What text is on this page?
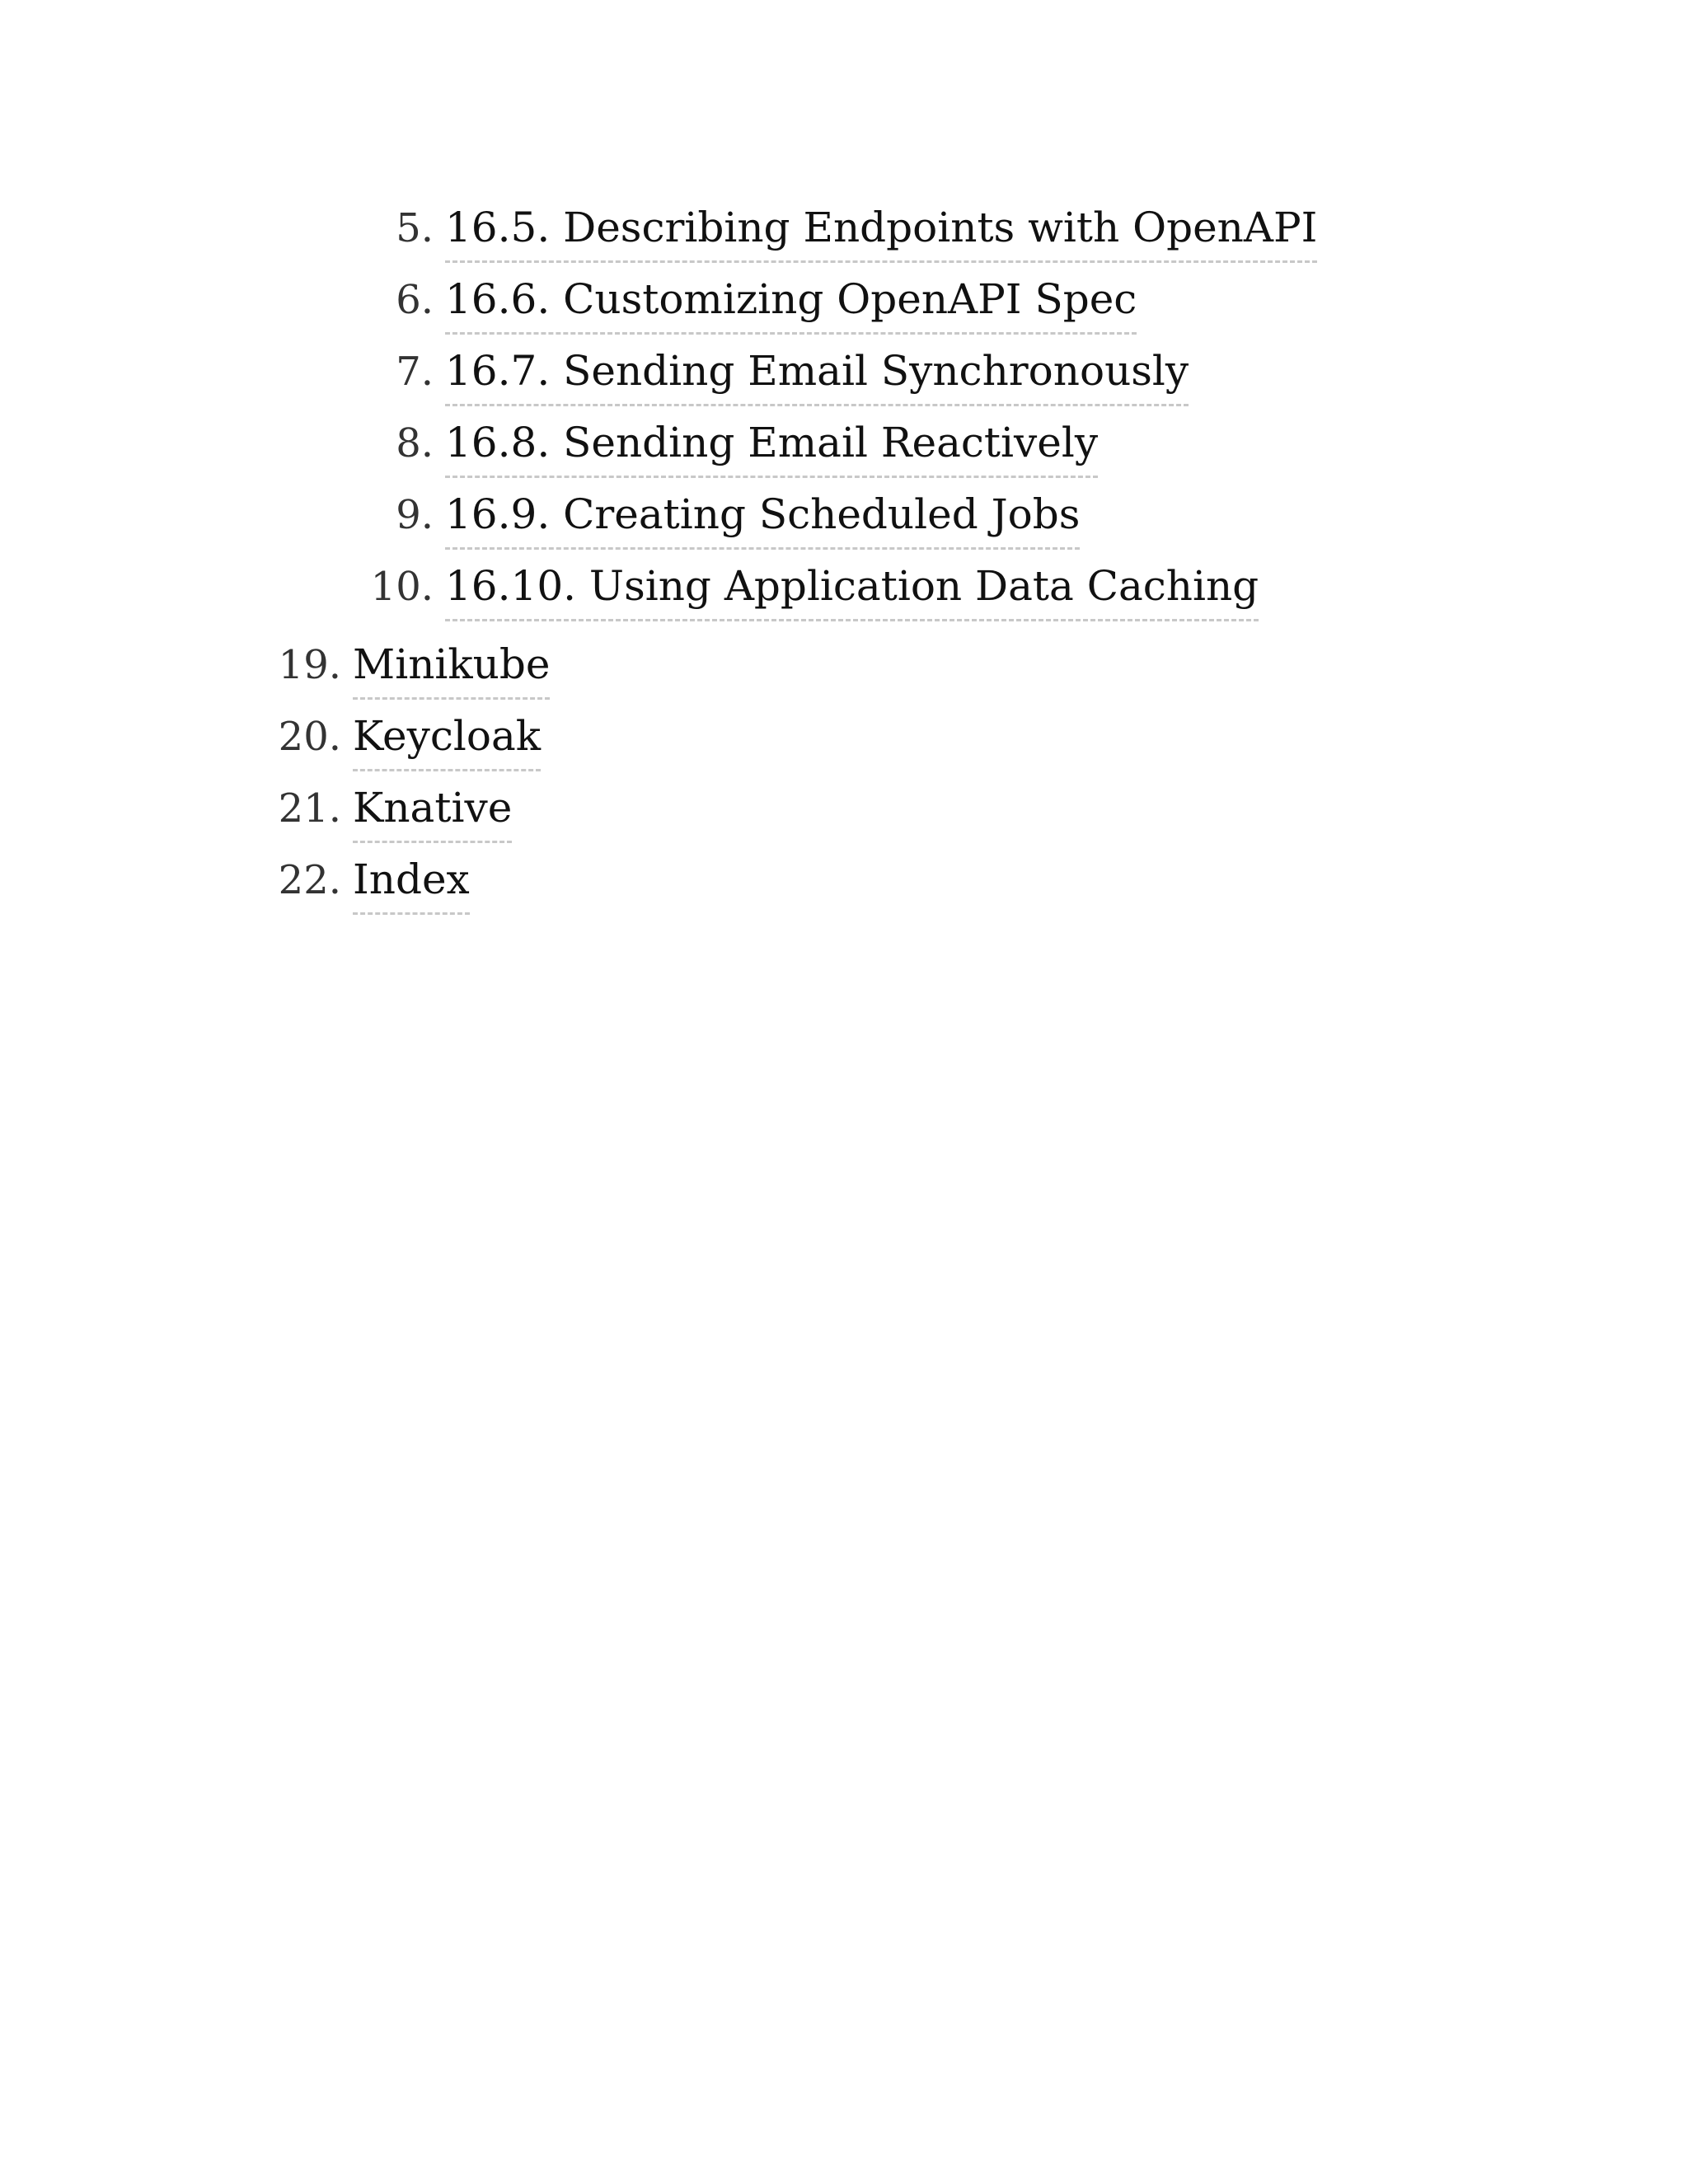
5. 16.5. Describing Endpoints with OpenAPI
6. 16.6. Customizing OpenAPI Spec
7. 16.7. Sending Email Synchronously
8. 16.8. Sending Email Reactively
9. 16.9. Creating Scheduled Jobs
10. 16.10. Using Application Data Caching
19. Minikube
20. Keycloak
21. Knative
22. Index
